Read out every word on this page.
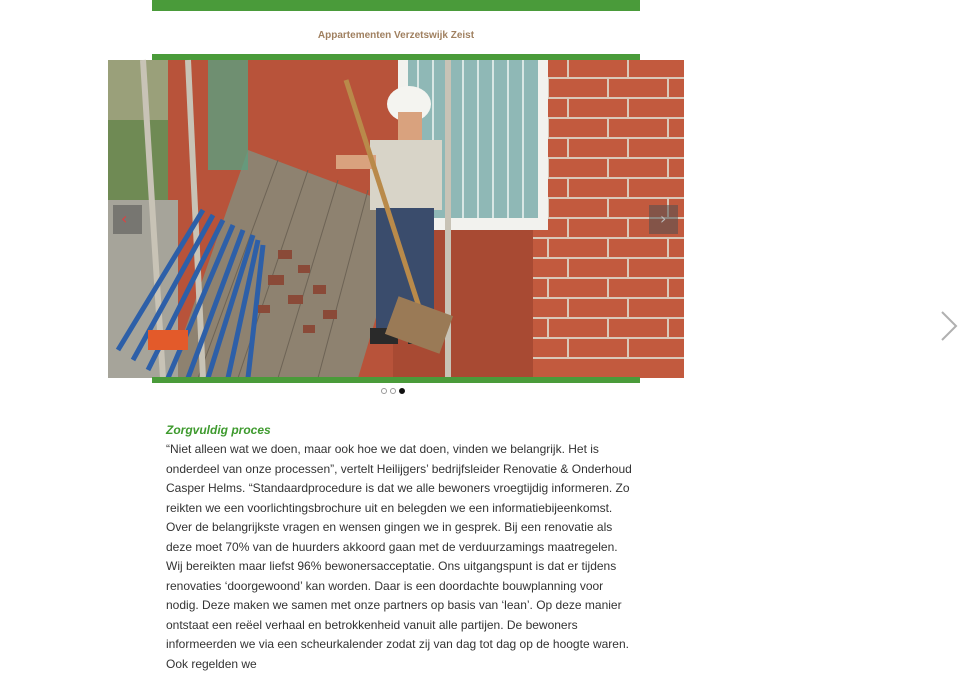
Appartementen Verzetswijk Zeist
‹	›
Zorgvuldig proces

“Niet alleen wat we doen, maar ook hoe we dat doen, vinden we belangrijk. Het is onderdeel van onze processen”, vertelt Heilijgers’ bedrijfsleider Renovatie & Onderhoud Casper Helms. “Standaardprocedure is dat we alle bewoners vroegtijdig informeren. Zo reikten we een voorlichtingsbrochure uit en belegden we een informatiebijeenkomst. Over de belangrijkste vragen en wensen gingen we in gesprek. Bij een renovatie als deze moet 70% van de huurders akkoord gaan met de verduurzamings maatregelen. Wij bereikten maar liefst 96% bewonersacceptatie. Ons uitgangspunt is dat er tijdens renovaties ‘doorgewoond’ kan worden. Daar is een doordachte bouwplanning voor nodig. Deze maken we samen met onze partners op basis van ‘lean’. Op deze manier ontstaat een reëel verhaal en betrokkenheid vanuit alle partijen. De bewoners informeerden we via een scheurkalender zodat zij van dag tot dag op de hoogte waren. Ook regelden we
